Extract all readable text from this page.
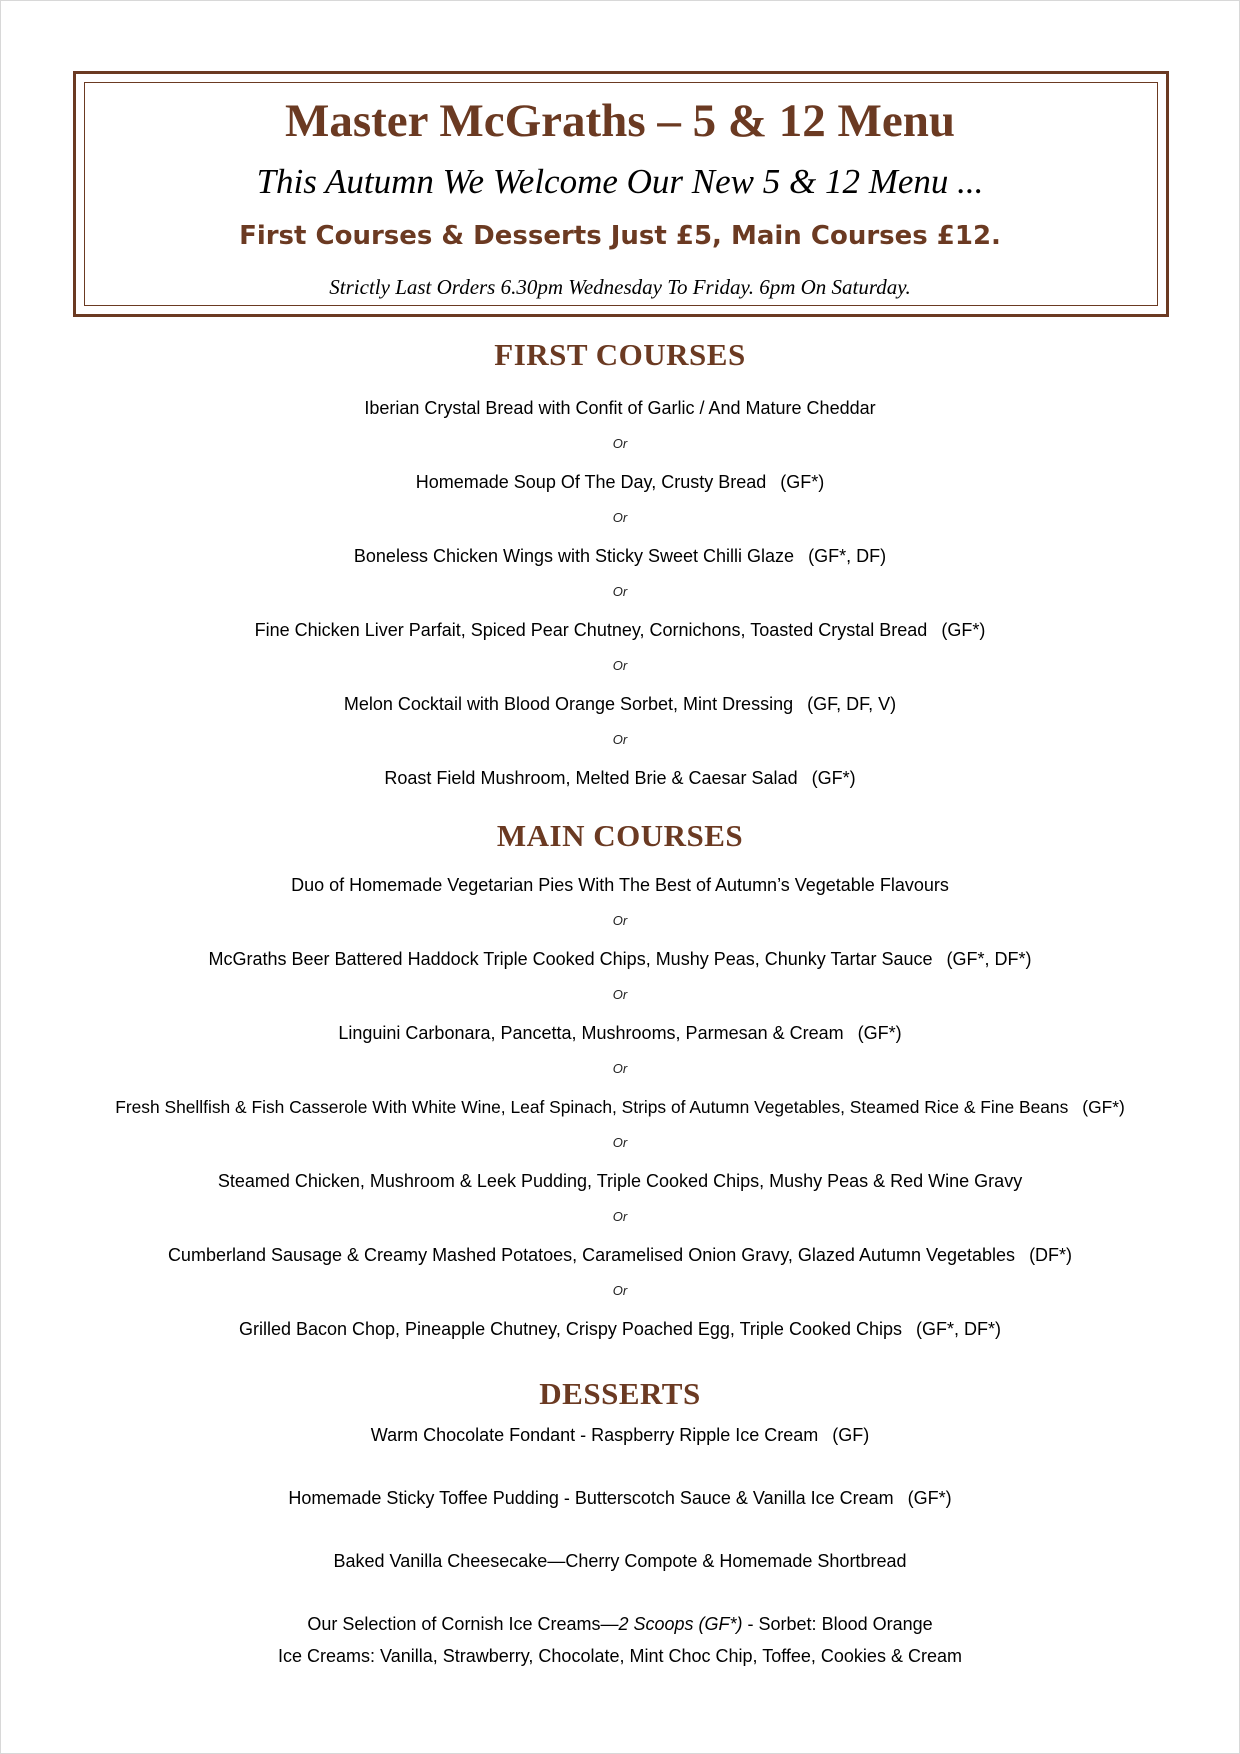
Master McGraths – 5 & 12 Menu
This Autumn We Welcome Our New 5 & 12 Menu ...
First Courses & Desserts Just £5, Main Courses £12.
Strictly Last Orders 6.30pm Wednesday To Friday. 6pm On Saturday.
FIRST COURSES
Iberian Crystal Bread with Confit of Garlic / And Mature Cheddar
Or
Homemade Soup Of The Day, Crusty Bread (GF*)
Or
Boneless Chicken Wings with Sticky Sweet Chilli Glaze (GF*, DF)
Or
Fine Chicken Liver Parfait, Spiced Pear Chutney, Cornichons, Toasted Crystal Bread (GF*)
Or
Melon Cocktail with Blood Orange Sorbet, Mint Dressing (GF, DF, V)
Or
Roast Field Mushroom, Melted Brie & Caesar Salad (GF*)
MAIN COURSES
Duo of Homemade Vegetarian Pies With The Best of Autumn’s Vegetable Flavours
Or
McGraths Beer Battered Haddock Triple Cooked Chips, Mushy Peas, Chunky Tartar Sauce (GF*, DF*)
Or
Linguini Carbonara, Pancetta, Mushrooms, Parmesan & Cream (GF*)
Or
Fresh Shellfish & Fish Casserole With White Wine, Leaf Spinach, Strips of Autumn Vegetables, Steamed Rice & Fine Beans (GF*)
Or
Steamed Chicken, Mushroom & Leek Pudding, Triple Cooked Chips, Mushy Peas & Red Wine Gravy
Or
Cumberland Sausage & Creamy Mashed Potatoes, Caramelised Onion Gravy, Glazed Autumn Vegetables (DF*)
Or
Grilled Bacon Chop, Pineapple Chutney, Crispy Poached Egg, Triple Cooked Chips (GF*, DF*)
DESSERTS
Warm Chocolate Fondant - Raspberry Ripple Ice Cream (GF)
Homemade Sticky Toffee Pudding - Butterscotch Sauce & Vanilla Ice Cream (GF*)
Baked Vanilla Cheesecake—Cherry Compote & Homemade Shortbread
Our Selection of Cornish Ice Creams—2 Scoops (GF*) - Sorbet: Blood Orange
Ice Creams: Vanilla, Strawberry, Chocolate, Mint Choc Chip, Toffee, Cookies & Cream
